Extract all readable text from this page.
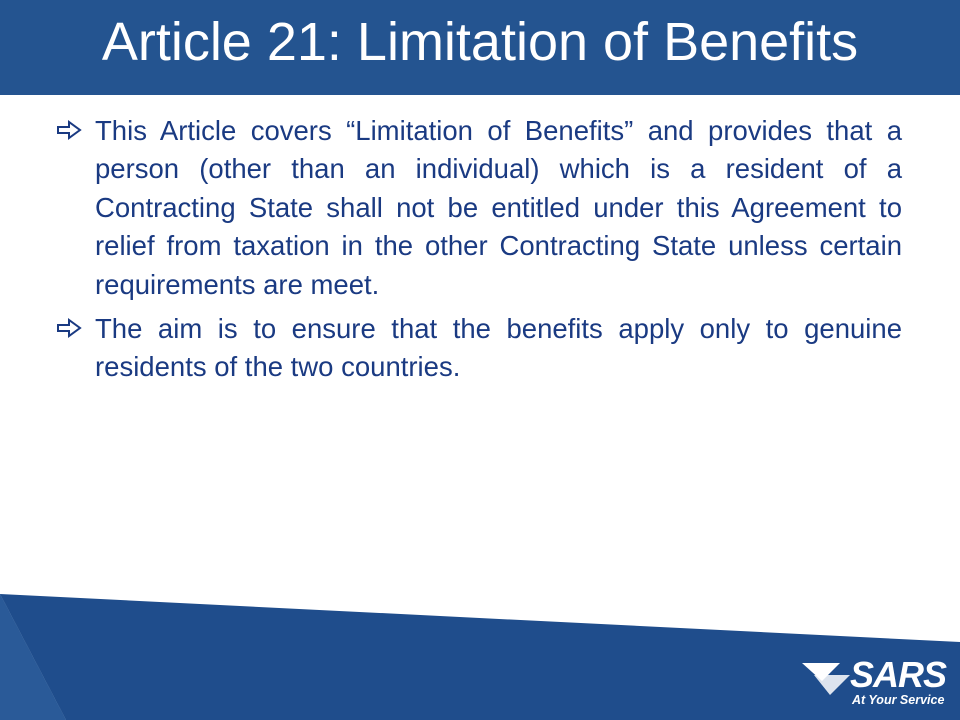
Article 21: Limitation of Benefits
This Article covers “Limitation of Benefits” and provides that a person (other than an individual) which is a resident of a Contracting State shall not be entitled under this Agreement to relief from taxation in the other Contracting State unless certain requirements are meet.
The aim is to ensure that the benefits apply only to genuine residents of the two countries.
SARS
At Your Service
